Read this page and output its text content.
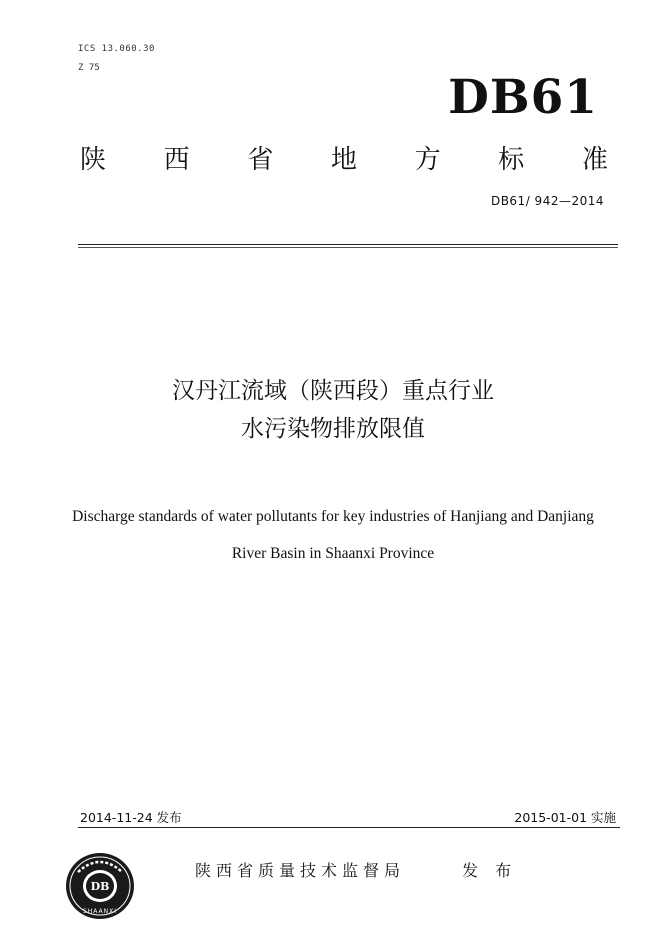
ICS 13.060.30
Z 75
DB61
陕 西 省 地 方 标 准
DB61/ 942—2014
汉丹江流域（陕西段）重点行业
水污染物排放限值
Discharge standards of water pollutants for key industries of Hanjiang and Danjiang
River Basin in Shaanxi Province
2014-11-24 发布	2015-01-01 实施
DB
SHAANXI
陕西省质量技术监督局	发 布
